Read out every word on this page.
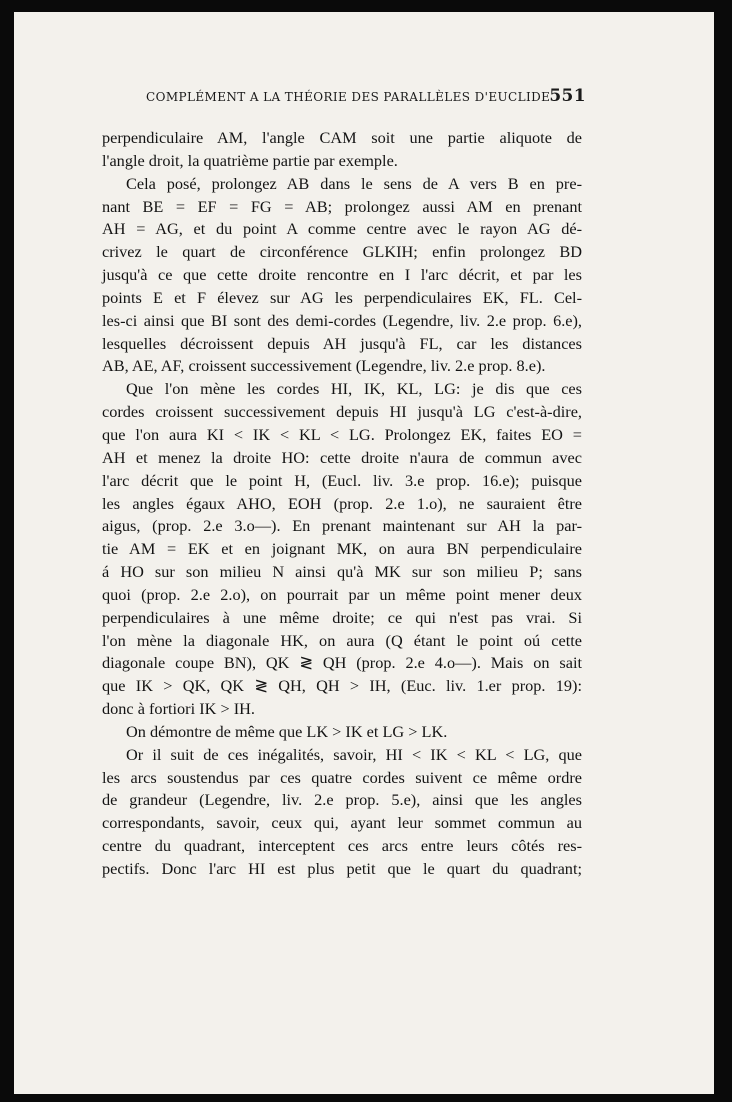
COMPLÉMENT A LA THÉORIE DES PARALLÈLES D'EUCLIDE 551
perpendiculaire AM, l'angle CAM soit une partie aliquote de
l'angle droit, la quatrième partie par exemple.
Cela posé, prolongez AB dans le sens de A vers B en pre-
nant BE = EF = FG = AB; prolongez aussi AM en prenant
AH = AG, et du point A comme centre avec le rayon AG dé-
crivez le quart de circonférence GLKIH; enfin prolongez BD
jusqu'à ce que cette droite rencontre en I l'arc décrit, et par les
points E et F élevez sur AG les perpendiculaires EK, FL. Cel-
les-ci ainsi que BI sont des demi-cordes (Legendre, liv. 2.e prop. 6.e),
lesquelles décroissent depuis AH jusqu'à FL, car les distances
AB, AE, AF, croissent successivement (Legendre, liv. 2.e prop. 8.e).
Que l'on mène les cordes HI, IK, KL, LG: je dis que ces
cordes croissent successivement depuis HI jusqu'à LG c'est-à-dire,
que l'on aura KI < IK < KL < LG. Prolongez EK, faites EO =
AH et menez la droite HO: cette droite n'aura de commun avec
l'arc décrit que le point H, (Eucl. liv. 3.e prop. 16.e); puisque
les angles égaux AHO, EOH (prop. 2.e 1.o), ne sauraient être
aigus, (prop. 2.e 3.o—). En prenant maintenant sur AH la par-
tie AM = EK et en joignant MK, on aura BN perpendiculaire
á HO sur son milieu N ainsi qu'à MK sur son milieu P; sans
quoi (prop. 2.e 2.o), on pourrait par un même point mener deux
perpendiculaires à une même droite; ce qui n'est pas vrai. Si
l'on mène la diagonale HK, on aura (Q étant le point oú cette
diagonale coupe BN), QK ≷ QH (prop. 2.e 4.o—). Mais on sait
que IK > QK, QK ≷ QH, QH > IH, (Euc. liv. 1.er prop. 19):
donc à fortiori IK > IH.
On démontre de même que LK > IK et LG > LK.
Or il suit de ces inégalités, savoir, HI < IK < KL < LG, que
les arcs soustendus par ces quatre cordes suivent ce même ordre
de grandeur (Legendre, liv. 2.e prop. 5.e), ainsi que les angles
correspondants, savoir, ceux qui, ayant leur sommet commun au
centre du quadrant, interceptent ces arcs entre leurs côtés res-
pectifs. Donc l'arc HI est plus petit que le quart du quadrant;
